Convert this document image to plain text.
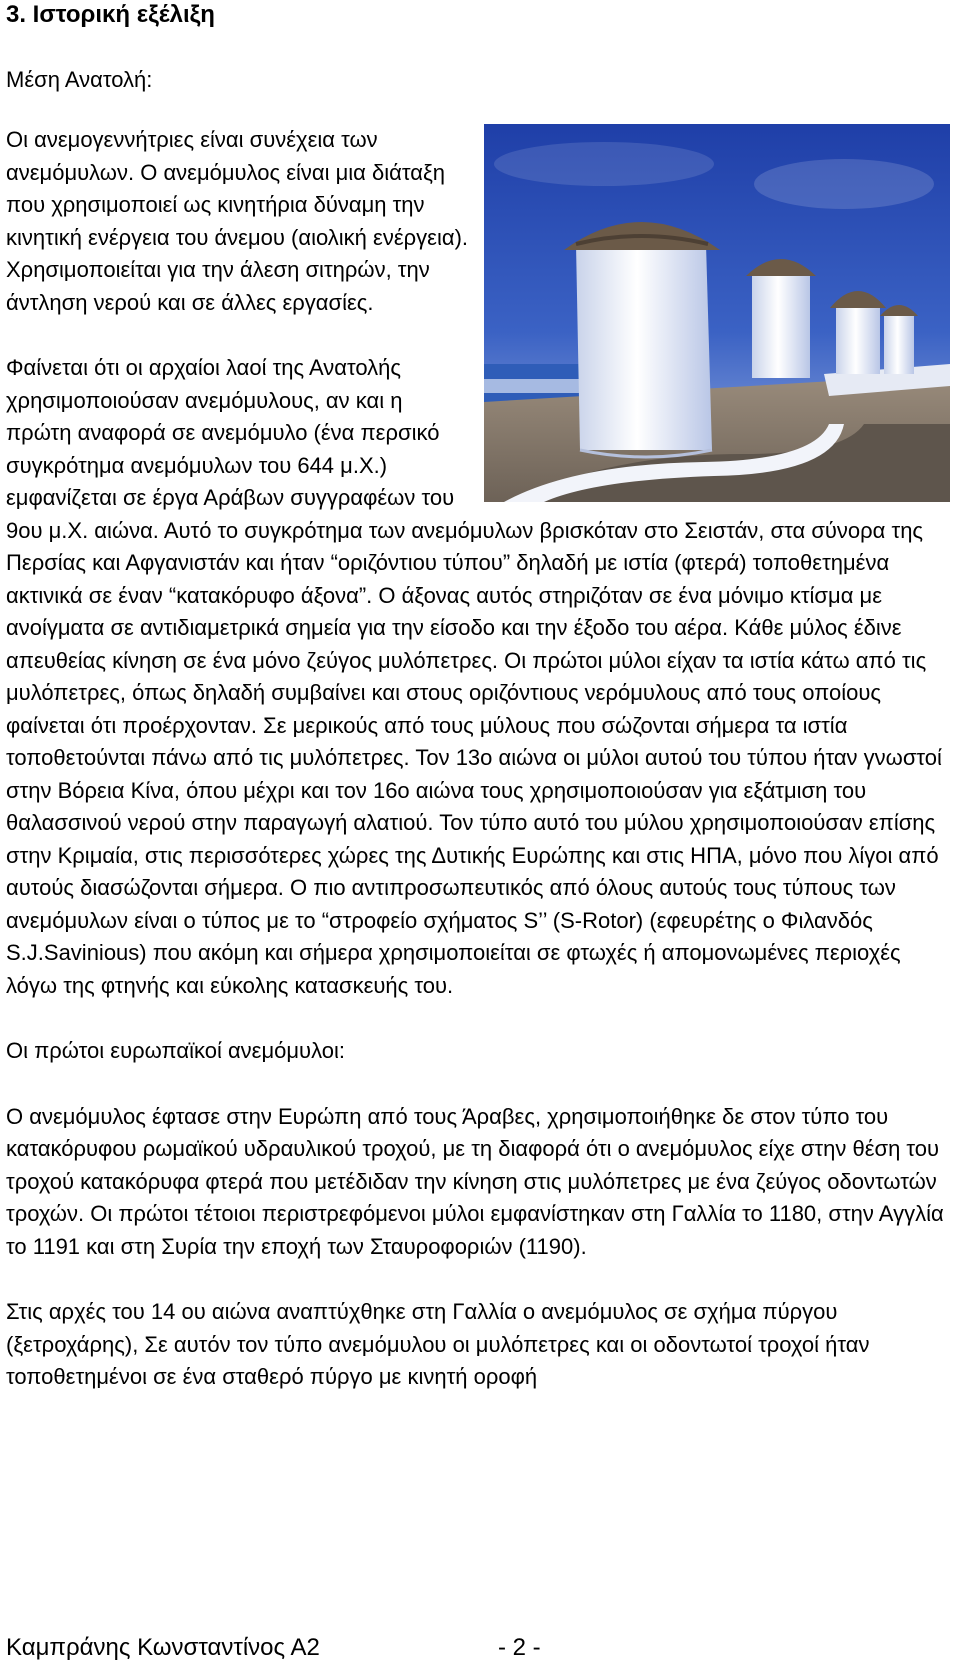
3. Ιστορική εξέλιξη

Μέση Ανατολή:

Οι ανεμογεννήτριες είναι συνέχεια των ανεμόμυλων. Ο ανεμόμυλος είναι μια διάταξη που χρησιμοποιεί ως κινητήρια δύναμη την κινητική ενέργεια του άνεμου (αιολική ενέργεια). Χρησιμοποιείται για την άλεση σιτηρών, την άντληση νερού και σε άλλες εργασίες.

Φαίνεται ότι οι αρχαίοι λαοί της Ανατολής χρησιμοποιούσαν ανεμόμυλους, αν και η πρώτη αναφορά σε ανεμόμυλο (ένα περσικό συγκρότημα ανεμόμυλων του 644 μ.Χ.) εμφανίζεται σε έργα Αράβων συγγραφέων του 9ου μ.Χ. αιώνα. Αυτό το συγκρότημα των ανεμόμυλων βρισκόταν στο Σειστάν, στα σύνορα της Περσίας και Αφγανιστάν και ήταν “οριζόντιου τύπου” δηλαδή με ιστία (φτερά) τοποθετημένα ακτινικά σε έναν “κατακόρυφο άξονα”. Ο άξονας αυτός στηριζόταν σε ένα μόνιμο κτίσμα με ανοίγματα σε αντιδιαμετρικά σημεία για την είσοδο και την έξοδο του αέρα. Κάθε μύλος έδινε απευθείας κίνηση σε ένα μόνο ζεύγος μυλόπετρες. Οι πρώτοι μύλοι είχαν τα ιστία κάτω από τις μυλόπετρες, όπως δηλαδή συμβαίνει και στους οριζόντιους νερόμυλους από τους οποίους φαίνεται ότι προέρχονταν. Σε μερικούς από τους μύλους που σώζονται σήμερα τα ιστία τοποθετούνται πάνω από τις μυλόπετρες. Τον 13ο αιώνα οι μύλοι αυτού του τύπου ήταν γνωστοί στην Βόρεια Κίνα, όπου μέχρι και τον 16ο αιώνα τους χρησιμοποιούσαν για εξάτμιση του θαλασσινού νερού στην παραγωγή αλατιού. Τον τύπο αυτό του μύλου χρησιμοποιούσαν επίσης στην Κριμαία, στις περισσότερες χώρες της Δυτικής Ευρώπης και στις ΗΠΑ, μόνο που λίγοι από αυτούς διασώζονται σήμερα. Ο πιο αντιπροσωπευτικός από όλους αυτούς τους τύπους των ανεμόμυλων είναι ο τύπος με το “στροφείο σχήματος S’’ (S-Rotor) (εφευρέτης ο Φιλανδός S.J.Savinious) που ακόμη και σήμερα χρησιμοποιείται σε φτωχές ή απομονωμένες περιοχές λόγω της φτηνής και εύκολης κατασκευής του.

Οι πρώτοι ευρωπαϊκοί ανεμόμυλοι:

Ο ανεμόμυλος έφτασε στην Ευρώπη από τους Άραβες, χρησιμοποιήθηκε δε στον τύπο του κατακόρυφου ρωμαϊκού υδραυλικού τροχού, με τη διαφορά ότι ο ανεμόμυλος είχε στην θέση του τροχού κατακόρυφα φτερά που μετέδιδαν την κίνηση στις μυλόπετρες με ένα ζεύγος οδοντωτών τροχών. Οι πρώτοι τέτοιοι περιστρεφόμενοι μύλοι εμφανίστηκαν στη Γαλλία το 1180, στην Αγγλία το 1191 και στη Συρία την εποχή των Σταυροφοριών (1190).

Στις αρχές του 14 ου αιώνα αναπτύχθηκε στη Γαλλία ο ανεμόμυλος σε σχήμα πύργου (ξετροχάρης), Σε αυτόν τον τύπο ανεμόμυλου οι μυλόπετρες και οι οδοντωτοί τροχοί ήταν τοποθετημένοι σε ένα σταθερό πύργο με κινητή οροφή

Καμπράνης Κωνσταντίνος Α2	- 2 -
